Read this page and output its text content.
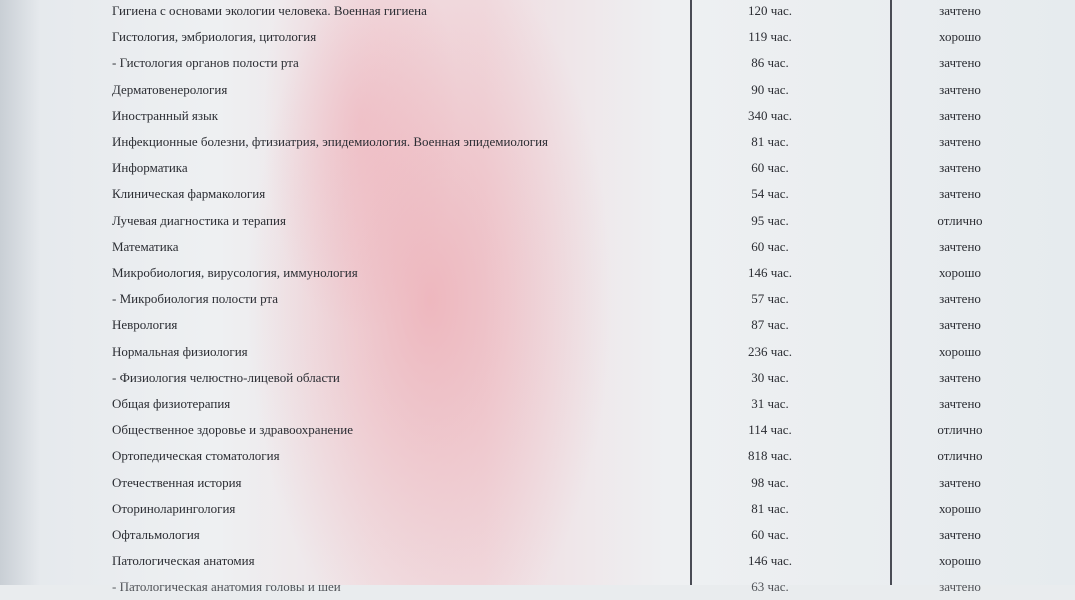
Гигиена с основами экологии человека. Военная гигиена	120 час.	зачтено
Гистология, эмбриология, цитология	119 час.	хорошо
- Гистология органов полости рта	86 час.	зачтено
Дерматовенерология	90 час.	зачтено
Иностранный язык	340 час.	зачтено
Инфекционные болезни, фтизиатрия, эпидемиология. Военная эпидемиология	81 час.	зачтено
Информатика	60 час.	зачтено
Клиническая фармакология	54 час.	зачтено
Лучевая диагностика и терапия	95 час.	отлично
Математика	60 час.	зачтено
Микробиология, вирусология, иммунология	146 час.	хорошо
- Микробиология полости рта	57 час.	зачтено
Неврология	87 час.	зачтено
Нормальная физиология	236 час.	хорошо
- Физиология челюстно-лицевой области	30 час.	зачтено
Общая физиотерапия	31 час.	зачтено
Общественное здоровье и здравоохранение	114 час.	отлично
Ортопедическая стоматология	818 час.	отлично
Отечественная история	98 час.	зачтено
Оториноларингология	81 час.	хорошо
Офтальмология	60 час.	зачтено
Патологическая анатомия	146 час.	хорошо
- Патологическая анатомия головы и шеи	63 час.	зачтено
